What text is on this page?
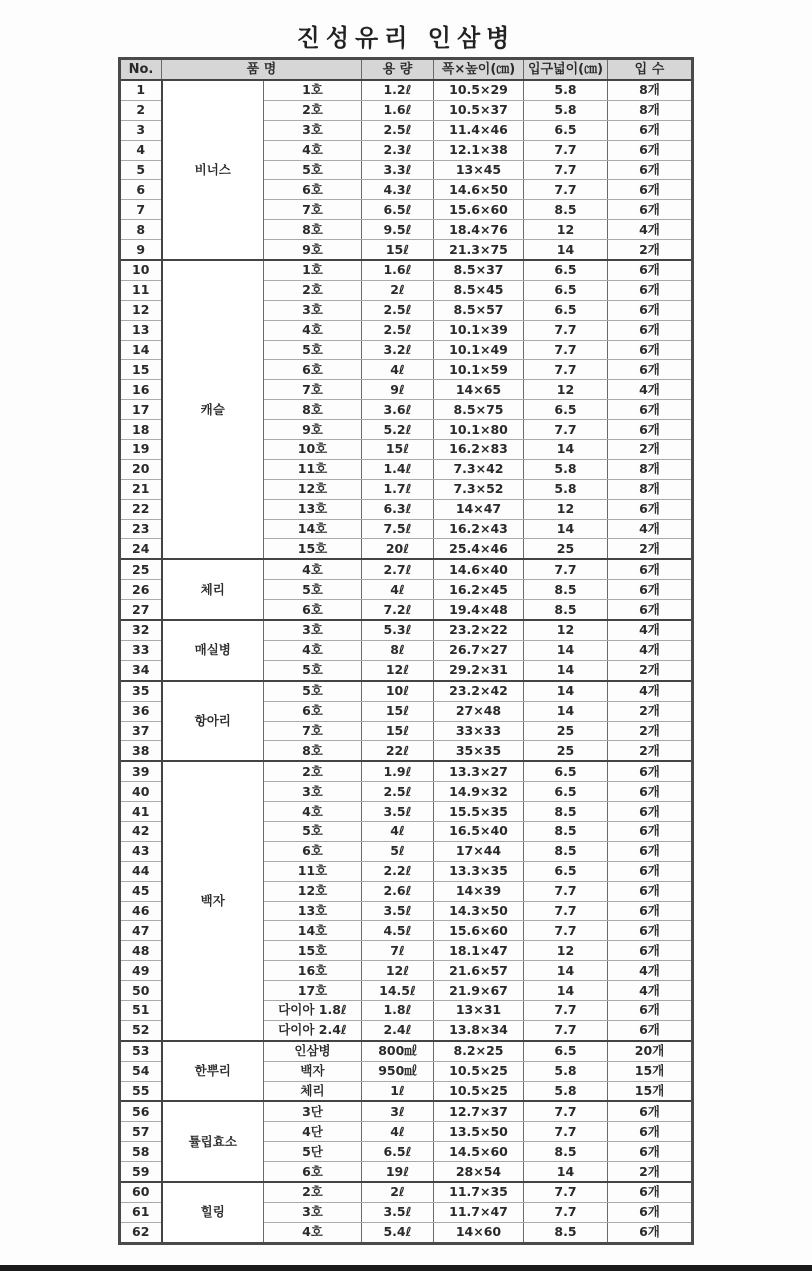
진성유리 인삼병
No.	품 명		용 량	폭×높이(㎝)	입구넓이(㎝)	입 수
1	비너스	1호	1.2ℓ	10.5×29	5.8	8개
2		2호	1.6ℓ	10.5×37	5.8	8개
3		3호	2.5ℓ	11.4×46	6.5	6개
4		4호	2.3ℓ	12.1×38	7.7	6개
5		5호	3.3ℓ	13×45	7.7	6개
6		6호	4.3ℓ	14.6×50	7.7	6개
7		7호	6.5ℓ	15.6×60	8.5	6개
8		8호	9.5ℓ	18.4×76	12	4개
9		9호	15ℓ	21.3×75	14	2개
10	캐슬	1호	1.6ℓ	8.5×37	6.5	6개
11		2호	2ℓ	8.5×45	6.5	6개
12		3호	2.5ℓ	8.5×57	6.5	6개
13		4호	2.5ℓ	10.1×39	7.7	6개
14		5호	3.2ℓ	10.1×49	7.7	6개
15		6호	4ℓ	10.1×59	7.7	6개
16		7호	9ℓ	14×65	12	4개
17		8호	3.6ℓ	8.5×75	6.5	6개
18		9호	5.2ℓ	10.1×80	7.7	6개
19		10호	15ℓ	16.2×83	14	2개
20		11호	1.4ℓ	7.3×42	5.8	8개
21		12호	1.7ℓ	7.3×52	5.8	8개
22		13호	6.3ℓ	14×47	12	6개
23		14호	7.5ℓ	16.2×43	14	4개
24		15호	20ℓ	25.4×46	25	2개
25	체리	4호	2.7ℓ	14.6×40	7.7	6개
26		5호	4ℓ	16.2×45	8.5	6개
27		6호	7.2ℓ	19.4×48	8.5	6개
32	매실병	3호	5.3ℓ	23.2×22	12	4개
33		4호	8ℓ	26.7×27	14	4개
34		5호	12ℓ	29.2×31	14	2개
35	항아리	5호	10ℓ	23.2×42	14	4개
36		6호	15ℓ	27×48	14	2개
37		7호	15ℓ	33×33	25	2개
38		8호	22ℓ	35×35	25	2개
39	백자	2호	1.9ℓ	13.3×27	6.5	6개
40		3호	2.5ℓ	14.9×32	6.5	6개
41		4호	3.5ℓ	15.5×35	8.5	6개
42		5호	4ℓ	16.5×40	8.5	6개
43		6호	5ℓ	17×44	8.5	6개
44		11호	2.2ℓ	13.3×35	6.5	6개
45		12호	2.6ℓ	14×39	7.7	6개
46		13호	3.5ℓ	14.3×50	7.7	6개
47		14호	4.5ℓ	15.6×60	7.7	6개
48		15호	7ℓ	18.1×47	12	6개
49		16호	12ℓ	21.6×57	14	4개
50		17호	14.5ℓ	21.9×67	14	4개
51		다이아 1.8ℓ	1.8ℓ	13×31	7.7	6개
52		다이아 2.4ℓ	2.4ℓ	13.8×34	7.7	6개
53	한뿌리	인삼병	800㎖	8.2×25	6.5	20개
54		백자	950㎖	10.5×25	5.8	15개
55		체리	1ℓ	10.5×25	5.8	15개
56	튤립효소	3단	3ℓ	12.7×37	7.7	6개
57		4단	4ℓ	13.5×50	7.7	6개
58		5단	6.5ℓ	14.5×60	8.5	6개
59		6호	19ℓ	28×54	14	2개
60	힐링	2호	2ℓ	11.7×35	7.7	6개
61		3호	3.5ℓ	11.7×47	7.7	6개
62		4호	5.4ℓ	14×60	8.5	6개
